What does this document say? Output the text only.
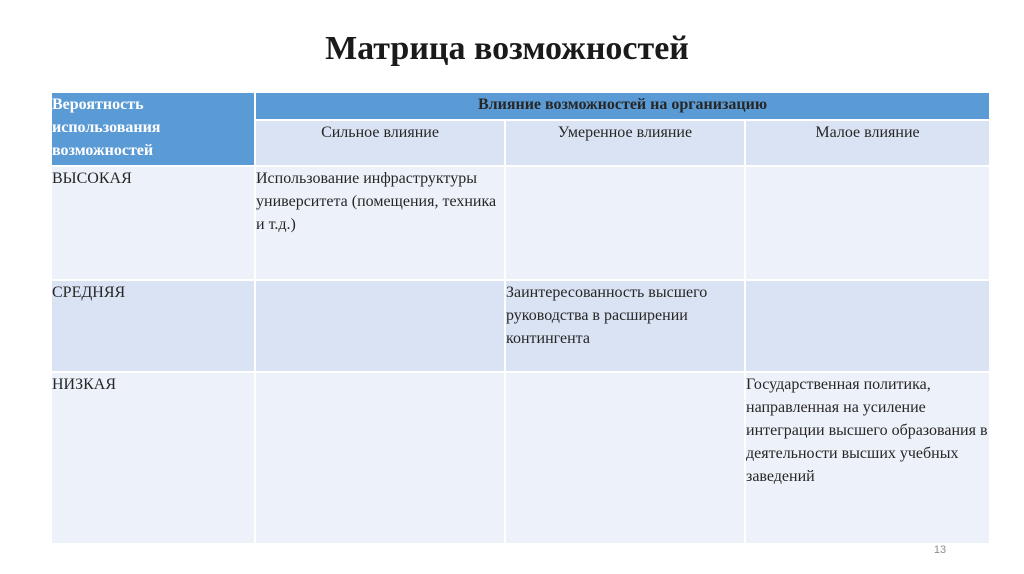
Матрица возможностей
Вероятность использования возможностей	Влияние возможностей на организацию		
	Сильное влияние	Умеренное влияние	Малое влияние
ВЫСОКАЯ	Использование инфраструктуры университета (помещения, техника и т.д.)		
СРЕДНЯЯ		Заинтересованность высшего руководства в расширении контингента	
НИЗКАЯ			Государственная политика, направленная на усиление интеграции высшего образования в деятельности высших учебных заведений
13
